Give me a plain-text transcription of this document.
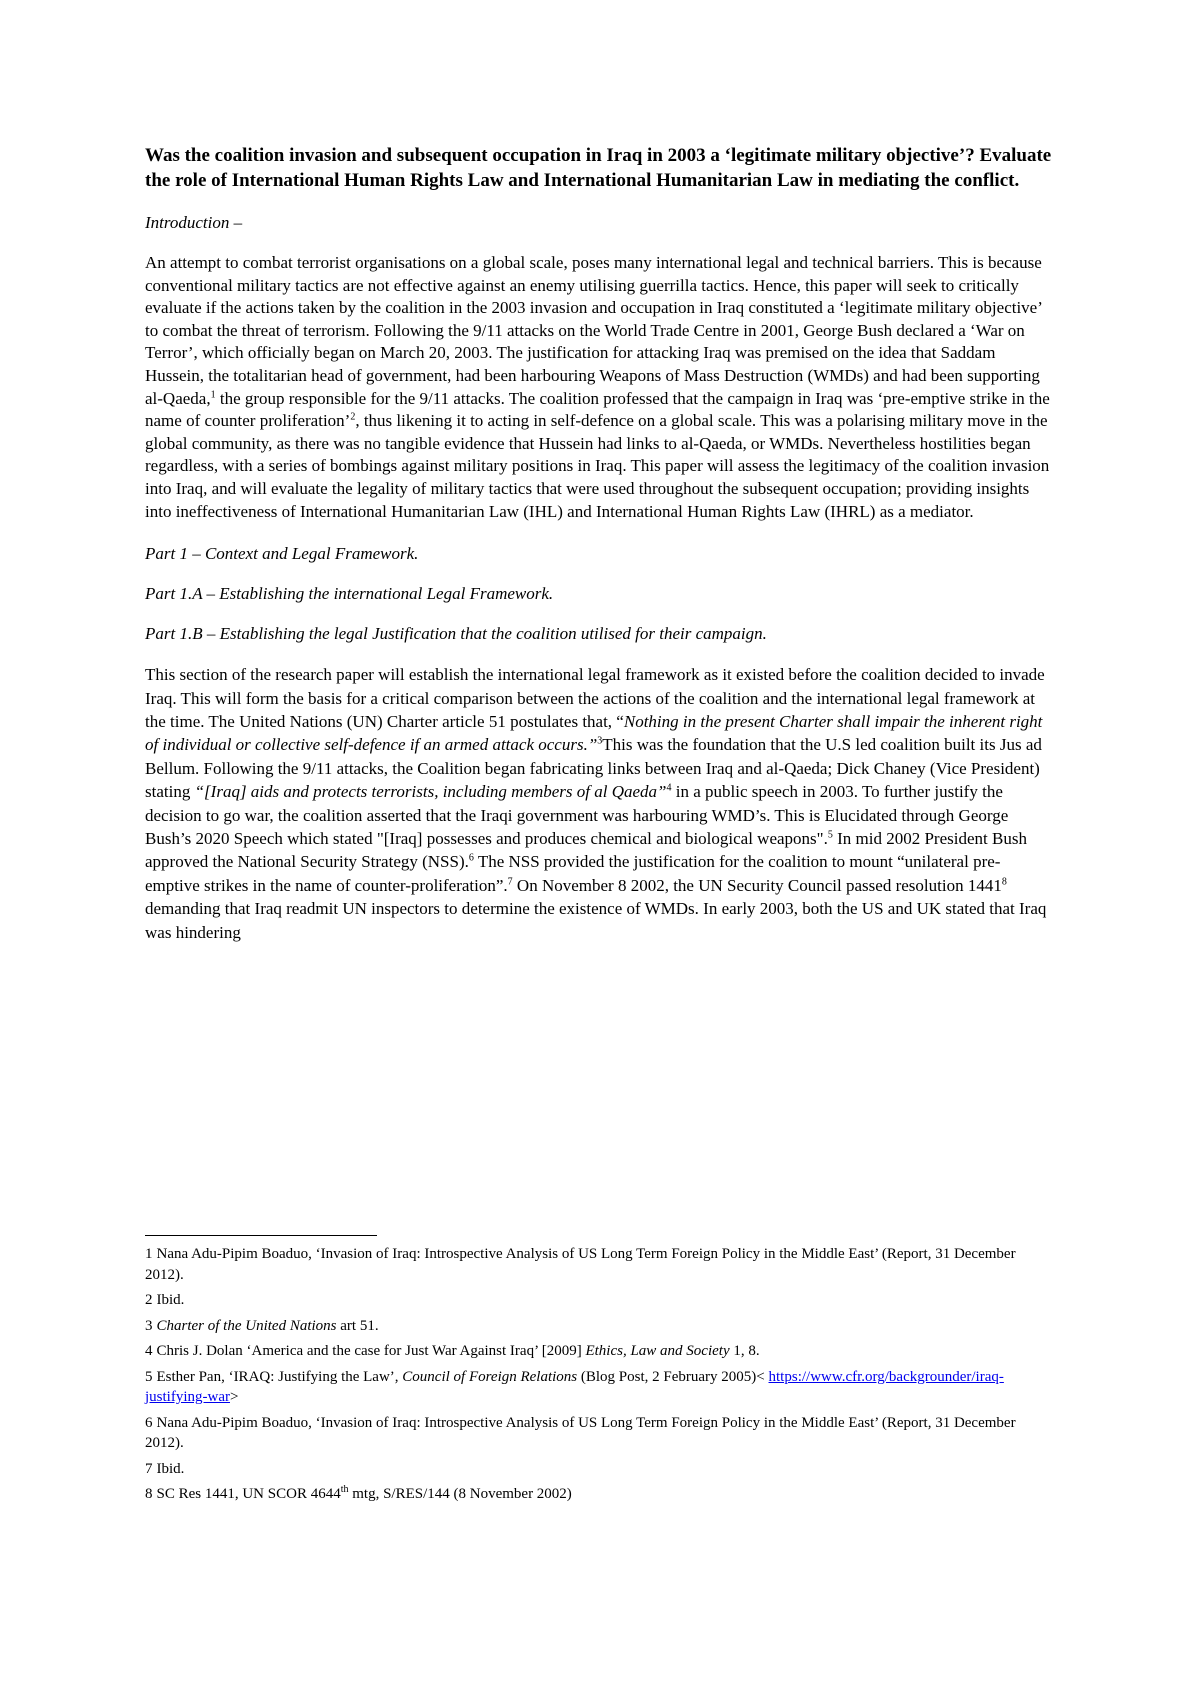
Was the coalition invasion and subsequent occupation in Iraq in 2003 a ‘legitimate military objective’? Evaluate the role of International Human Rights Law and International Humanitarian Law in mediating the conflict.

Introduction –

An attempt to combat terrorist organisations on a global scale, poses many international legal and technical barriers. This is because conventional military tactics are not effective against an enemy utilising guerrilla tactics. Hence, this paper will seek to critically evaluate if the actions taken by the coalition in the 2003 invasion and occupation in Iraq constituted a ‘legitimate military objective’ to combat the threat of terrorism. Following the 9/11 attacks on the World Trade Centre in 2001, George Bush declared a ‘War on Terror’, which officially began on March 20, 2003. The justification for attacking Iraq was premised on the idea that Saddam Hussein, the totalitarian head of government, had been harbouring Weapons of Mass Destruction (WMDs) and had been supporting al-Qaeda,$^1$ the group responsible for the 9/11 attacks. The coalition professed that the campaign in Iraq was ‘pre-emptive strike in the name of counter proliferation’$^2$, thus likening it to acting in self-defence on a global scale. This was a polarising military move in the global community, as there was no tangible evidence that Hussein had links to al-Qaeda, or WMDs. Nevertheless hostilities began regardless, with a series of bombings against military positions in Iraq. This paper will assess the legitimacy of the coalition invasion into Iraq, and will evaluate the legality of military tactics that were used throughout the subsequent occupation; providing insights into ineffectiveness of International Humanitarian Law (IHL) and International Human Rights Law (IHRL) as a mediator.

Part 1 – Context and Legal Framework.

Part 1.A – Establishing the international Legal Framework.

Part 1.B – Establishing the legal Justification that the coalition utilised for their campaign.

This section of the research paper will establish the international legal framework as it existed before the coalition decided to invade Iraq. This will form the basis for a critical comparison between the actions of the coalition and the international legal framework at the time. The United Nations (UN) Charter article 51 postulates that, “Nothing in the present Charter shall impair the inherent right of individual or collective self-defence if an armed attack occurs.”$^3$This was the foundation that the U.S led coalition built its Jus ad Bellum. Following the 9/11 attacks, the Coalition began fabricating links between Iraq and al-Qaeda; Dick Chaney (Vice President) stating “[Iraq] aids and protects terrorists, including members of al Qaeda”$^4$ in a public speech in 2003. To further justify the decision to go war, the coalition asserted that the Iraqi government was harbouring WMD’s. This is Elucidated through George Bush’s 2020 Speech which stated "[Iraq] possesses and produces chemical and biological weapons".$^5$ In mid 2002 President Bush approved the National Security Strategy (NSS).$^6$ The NSS provided the justification for the coalition to mount “unilateral pre-emptive strikes in the name of counter-proliferation”.$^7$ On November 8 2002, the UN Security Council passed resolution 1441$^8$ demanding that Iraq readmit UN inspectors to determine the existence of WMDs. In early 2003, both the US and UK stated that Iraq was hindering

1 Nana Adu-Pipim Boaduo, ‘Invasion of Iraq: Introspective Analysis of US Long Term Foreign Policy in the Middle East’ (Report, 31 December 2012).

2 Ibid.

3 Charter of the United Nations art 51.

4 Chris J. Dolan ‘America and the case for Just War Against Iraq’ [2009] Ethics, Law and Society 1, 8.

5 Esther Pan, ‘IRAQ: Justifying the Law’, Council of Foreign Relations (Blog Post, 2 February 2005)< https://www.cfr.org/backgrounder/iraq-justifying-war>

6 Nana Adu-Pipim Boaduo, ‘Invasion of Iraq: Introspective Analysis of US Long Term Foreign Policy in the Middle East’ (Report, 31 December 2012).

7 Ibid.

8 SC Res 1441, UN SCOR 4644th mtg, S/RES/144 (8 November 2002)
